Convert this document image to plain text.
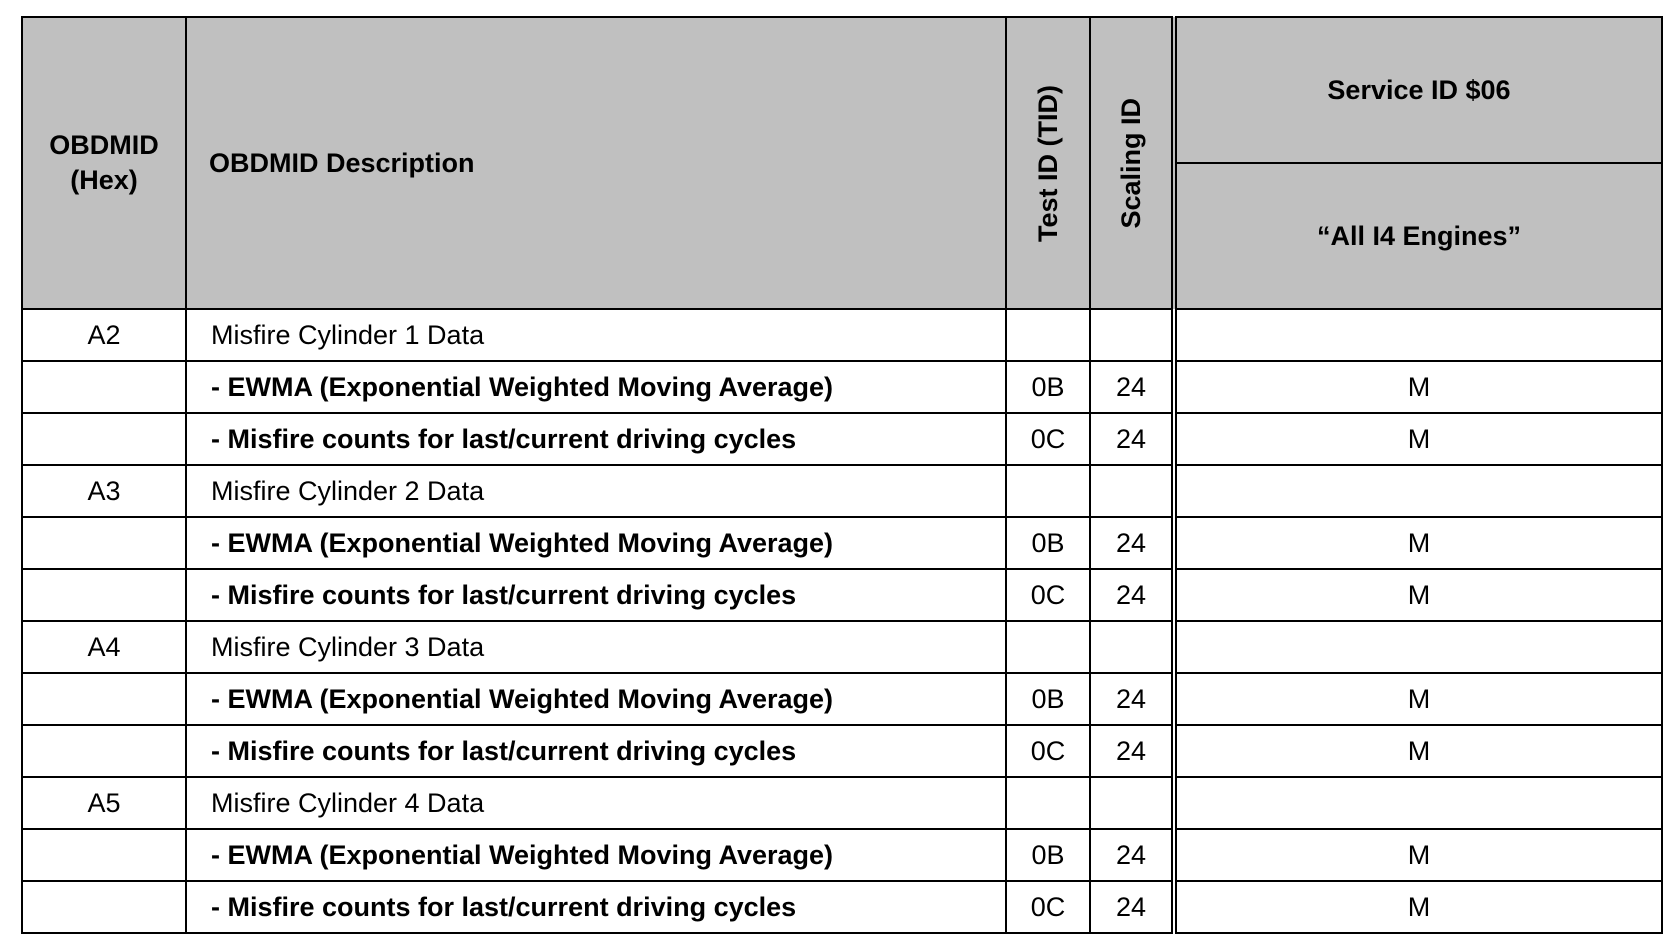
OBDMID
(Hex)	OBDMID Description	Test ID (TID)	Scaling ID	Service ID $06
				“All I4 Engines”
A2	Misfire Cylinder 1 Data			
	- EWMA (Exponential Weighted Moving Average)	0B	24	M
	- Misfire counts for last/current driving cycles	0C	24	M
A3	Misfire Cylinder 2 Data			
	- EWMA (Exponential Weighted Moving Average)	0B	24	M
	- Misfire counts for last/current driving cycles	0C	24	M
A4	Misfire Cylinder 3 Data			
	- EWMA (Exponential Weighted Moving Average)	0B	24	M
	- Misfire counts for last/current driving cycles	0C	24	M
A5	Misfire Cylinder 4 Data			
	- EWMA (Exponential Weighted Moving Average)	0B	24	M
	- Misfire counts for last/current driving cycles	0C	24	M
